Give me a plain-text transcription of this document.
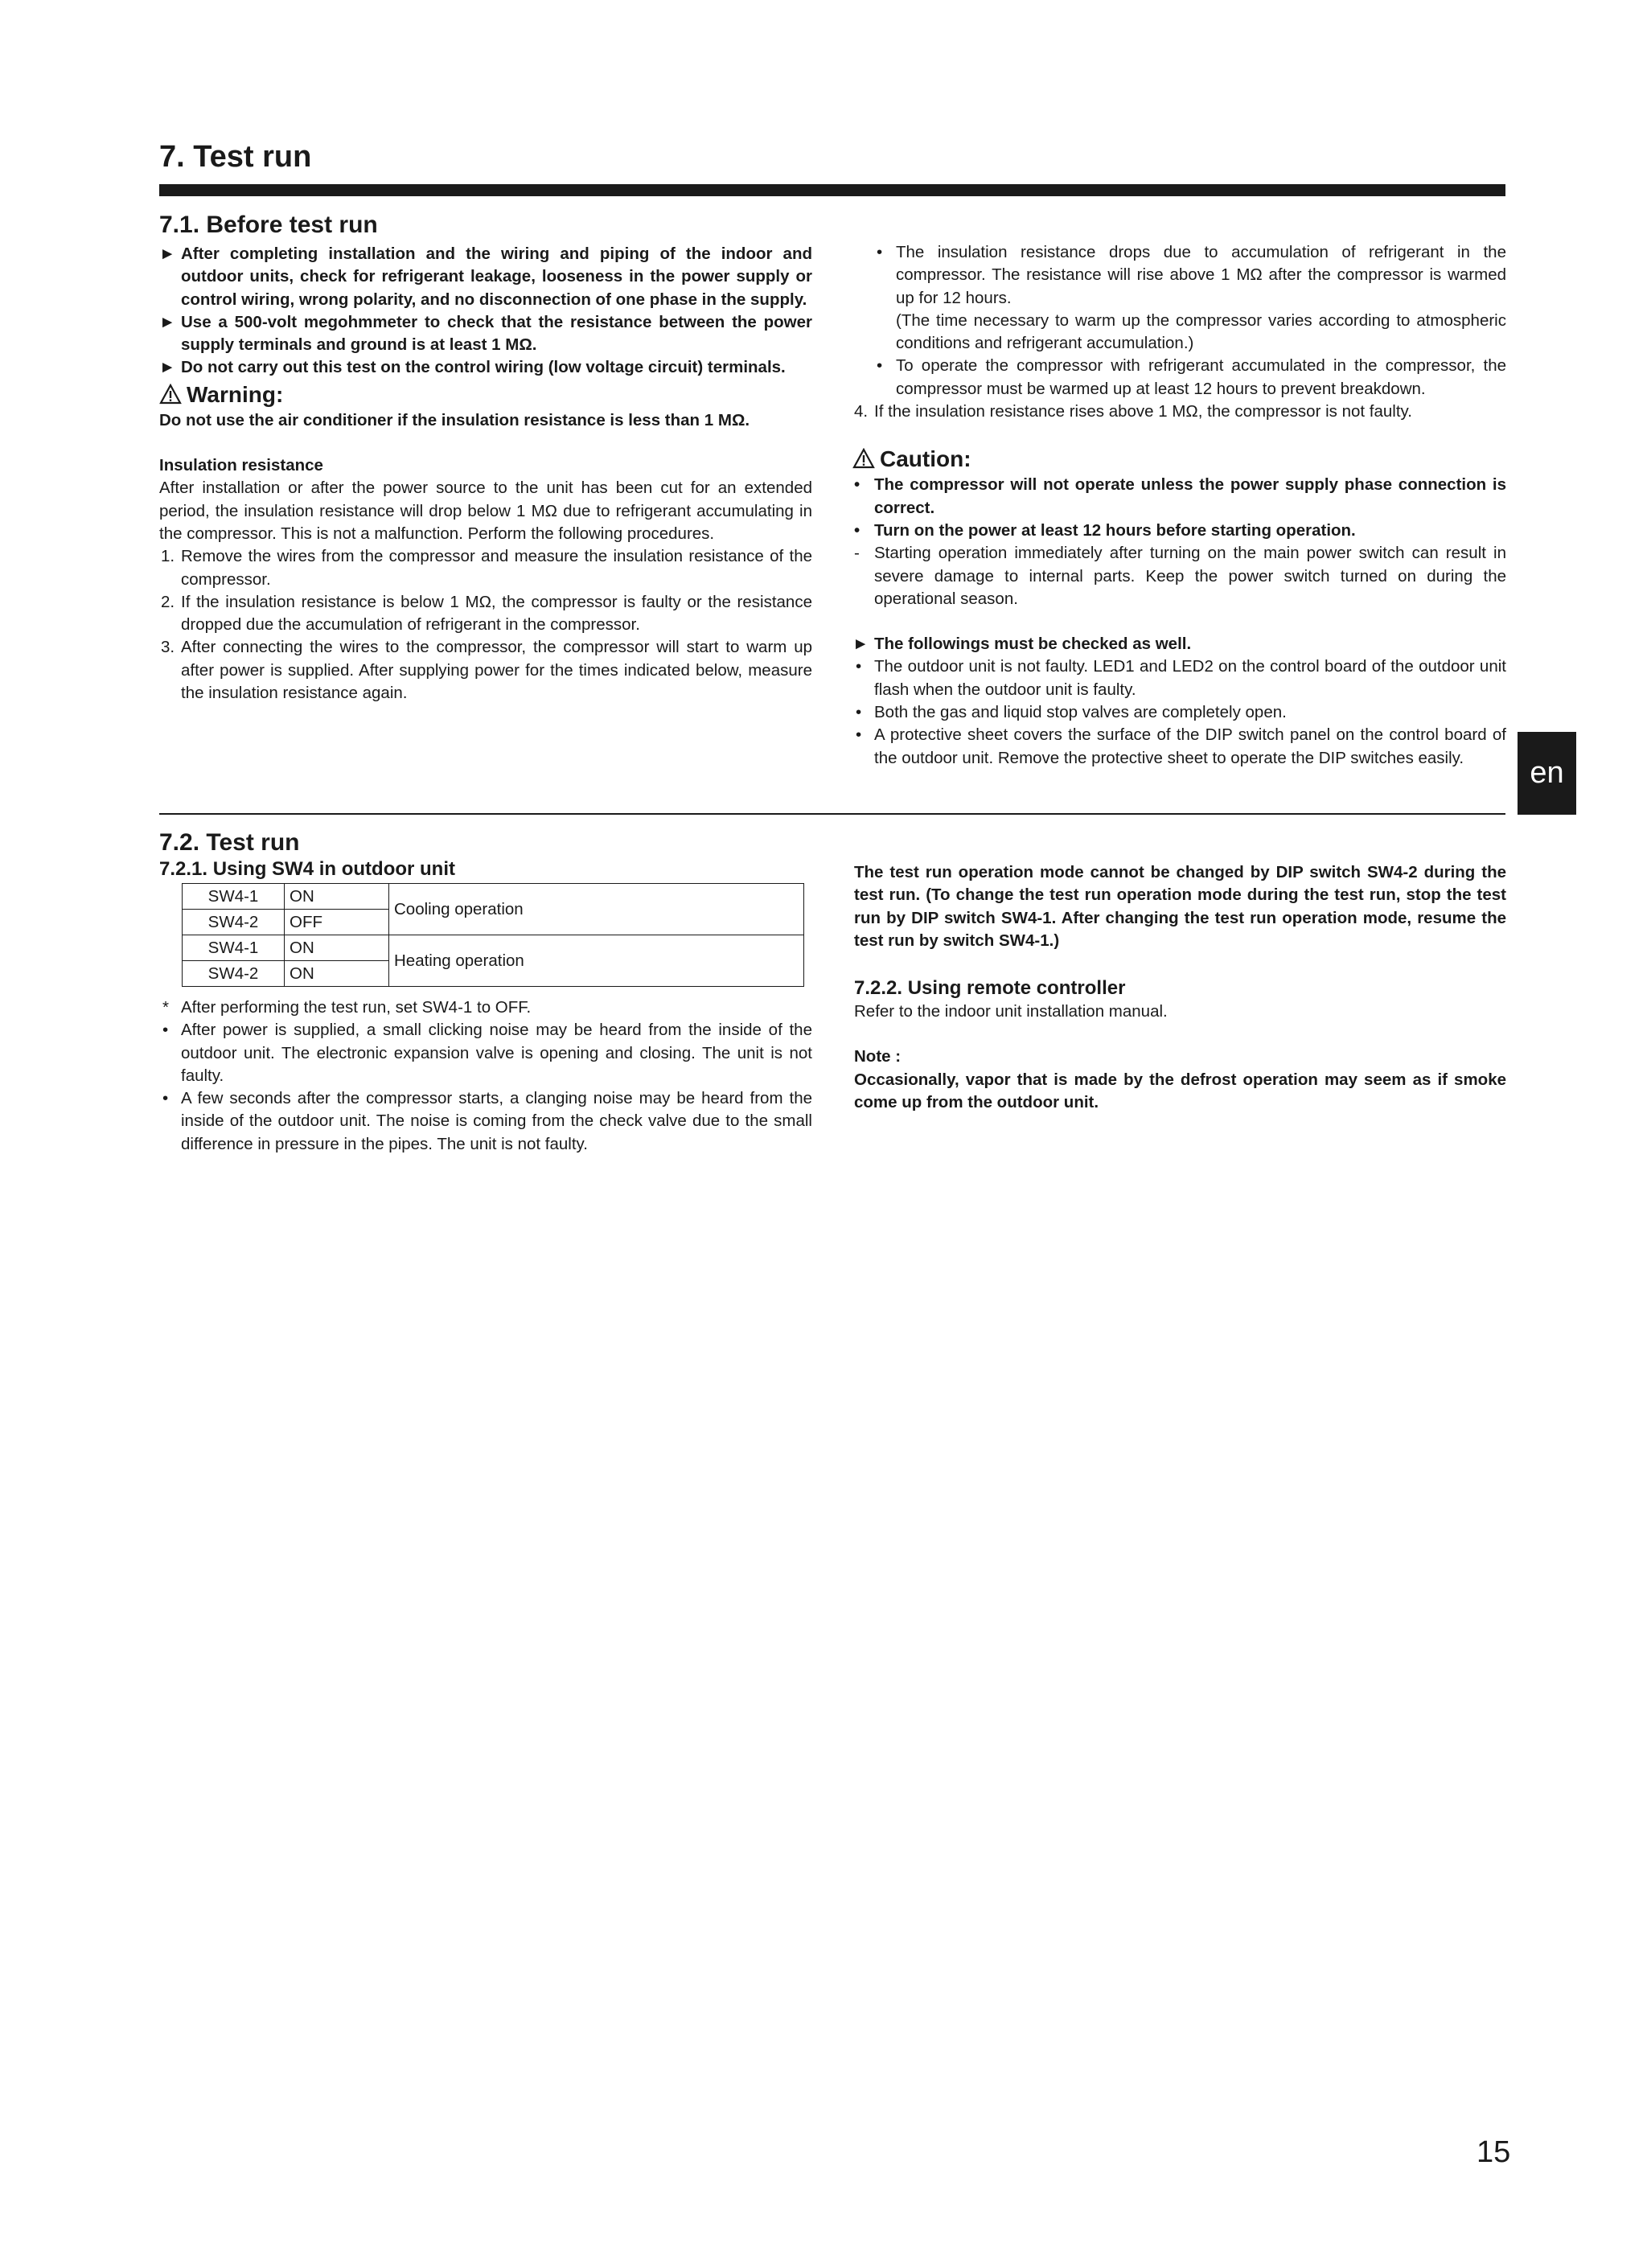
7. Test run
7.1. Before test run
► After completing installation and the wiring and piping of the indoor and outdoor units, check for refrigerant leakage, looseness in the power supply or control wiring, wrong polarity, and no disconnection of one phase in the supply.
► Use a 500-volt megohmmeter to check that the resistance between the power supply terminals and ground is at least 1 MΩ.
► Do not carry out this test on the control wiring (low voltage circuit) terminals.
Warning:
Do not use the air conditioner if the insulation resistance is less than 1 MΩ.
Insulation resistance
After installation or after the power source to the unit has been cut for an extended period, the insulation resistance will drop below 1 MΩ due to refrigerant accumulating in the compressor. This is not a malfunction. Perform the following procedures.
1. Remove the wires from the compressor and measure the insulation resistance of the compressor.
2. If the insulation resistance is below 1 MΩ, the compressor is faulty or the resistance dropped due the accumulation of refrigerant in the compressor.
3. After connecting the wires to the compressor, the compressor will start to warm up after power is supplied. After supplying power for the times indicated below, measure the insulation resistance again.
• The insulation resistance drops due to accumulation of refrigerant in the compressor. The resistance will rise above 1 MΩ after the compressor is warmed up for 12 hours.
(The time necessary to warm up the compressor varies according to atmospheric conditions and refrigerant accumulation.)
• To operate the compressor with refrigerant accumulated in the compressor, the compressor must be warmed up at least 12 hours to prevent breakdown.
4. If the insulation resistance rises above 1 MΩ, the compressor is not faulty.
Caution:
• The compressor will not operate unless the power supply phase connection is correct.
• Turn on the power at least 12 hours before starting operation.
- Starting operation immediately after turning on the main power switch can result in severe damage to internal parts. Keep the power switch turned on during the operational season.
► The followings must be checked as well.
• The outdoor unit is not faulty. LED1 and LED2 on the control board of the outdoor unit flash when the outdoor unit is faulty.
• Both the gas and liquid stop valves are completely open.
• A protective sheet covers the surface of the DIP switch panel on the control board of the outdoor unit. Remove the protective sheet to operate the DIP switches easily.	en
7.2. Test run
7.2.1. Using SW4 in outdoor unit
SW4-1	ON	Cooling operation
SW4-2	OFF	
SW4-1	ON	Heating operation
SW4-2	ON	
* After performing the test run, set SW4-1 to OFF.
• After power is supplied, a small clicking noise may be heard from the inside of the outdoor unit. The electronic expansion valve is opening and closing. The unit is not faulty.
• A few seconds after the compressor starts, a clanging noise may be heard from the inside of the outdoor unit. The noise is coming from the check valve due to the small difference in pressure in the pipes. The unit is not faulty.
The test run operation mode cannot be changed by DIP switch SW4-2 during the test run. (To change the test run operation mode during the test run, stop the test run by DIP switch SW4-1. After changing the test run operation mode, resume the test run by switch SW4-1.)
7.2.2. Using remote controller
Refer to the indoor unit installation manual.
Note :
Occasionally, vapor that is made by the defrost operation may seem as if smoke come up from the outdoor unit.
15
